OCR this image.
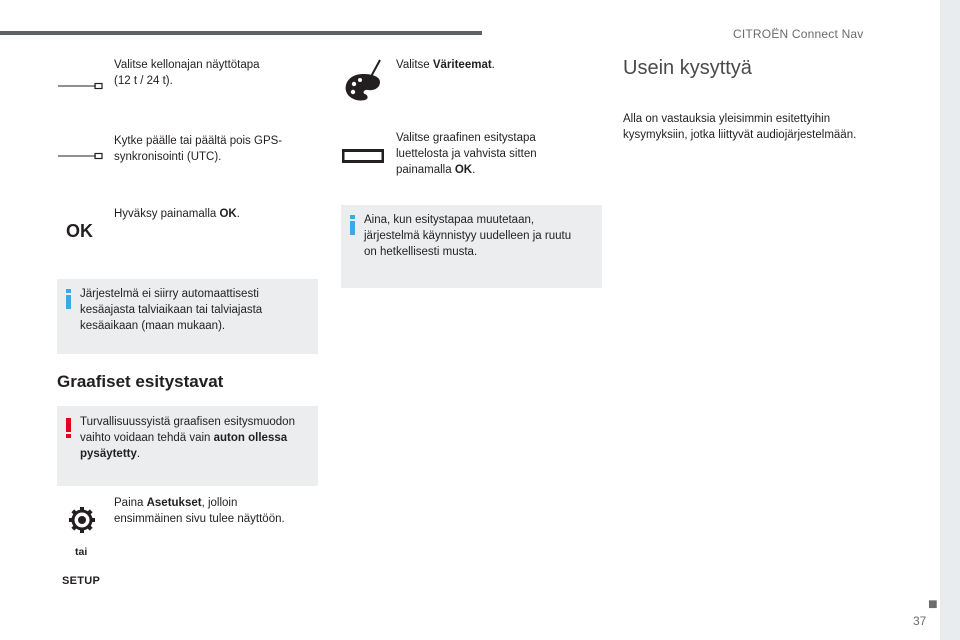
CITROËN Connect Nav
■
37
Valitse kellonajan näyttötapa
(12 t / 24 t).
Kytke päälle tai päältä pois GPS-
synkronisointi (UTC).
OK
Hyväksy painamalla OK.
Järjestelmä ei siirry automaattisesti
kesäajasta talviaikaan tai talviajasta
kesäaikaan (maan mukaan).
Graafiset esitystavat
Turvallisuussyistä graafisen esitysmuodon
vaihto voidaan tehdä vain auton ollessa
pysäytetty.
Paina Asetukset, jolloin
ensimmäinen sivu tulee näyttöön.
tai
SETUP
Valitse Väriteemat.
Valitse graafinen esitystapa
luettelosta ja vahvista sitten
painamalla OK.
Aina, kun esitystapaa muutetaan,
järjestelmä käynnistyy uudelleen ja ruutu
on hetkellisesti musta.
Usein kysyttyä
Alla on vastauksia yleisimmin esitettyihin
kysymyksiin, jotka liittyvät audiojärjestelmään.
